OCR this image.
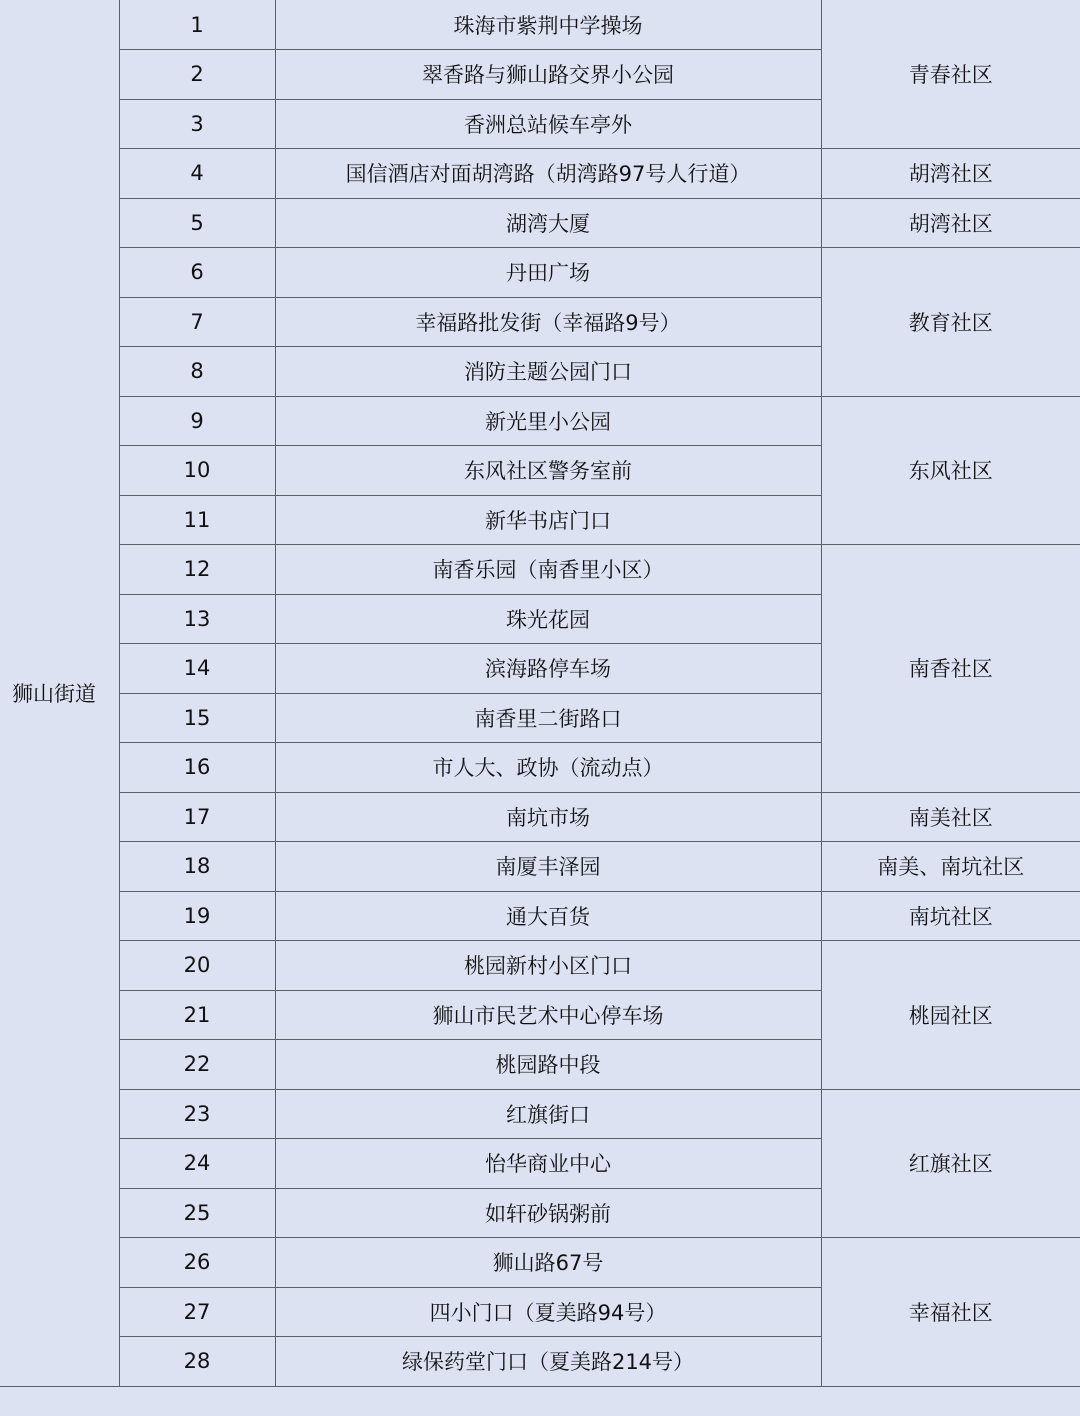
狮山街道	1	珠海市紫荆中学操场	青春社区
	2	翠香路与狮山路交界小公园	
	3	香洲总站候车亭外	
	4	国信酒店对面胡湾路（胡湾路97号人行道）	胡湾社区
	5	湖湾大厦	胡湾社区
	6	丹田广场	教育社区
	7	幸福路批发街（幸福路9号）	
	8	消防主题公园门口	
	9	新光里小公园	东风社区
	10	东风社区警务室前	
	11	新华书店门口	
	12	南香乐园（南香里小区）	南香社区
	13	珠光花园	
	14	滨海路停车场	
	15	南香里二街路口	
	16	市人大、政协（流动点）	
	17	南坑市场	南美社区
	18	南厦丰泽园	南美、南坑社区
	19	通大百货	南坑社区
	20	桃园新村小区门口	桃园社区
	21	狮山市民艺术中心停车场	
	22	桃园路中段	
	23	红旗街口	红旗社区
	24	怡华商业中心	
	25	如轩砂锅粥前	
	26	狮山路67号	幸福社区
	27	四小门口（夏美路94号）	
	28	绿保药堂门口（夏美路214号）	
